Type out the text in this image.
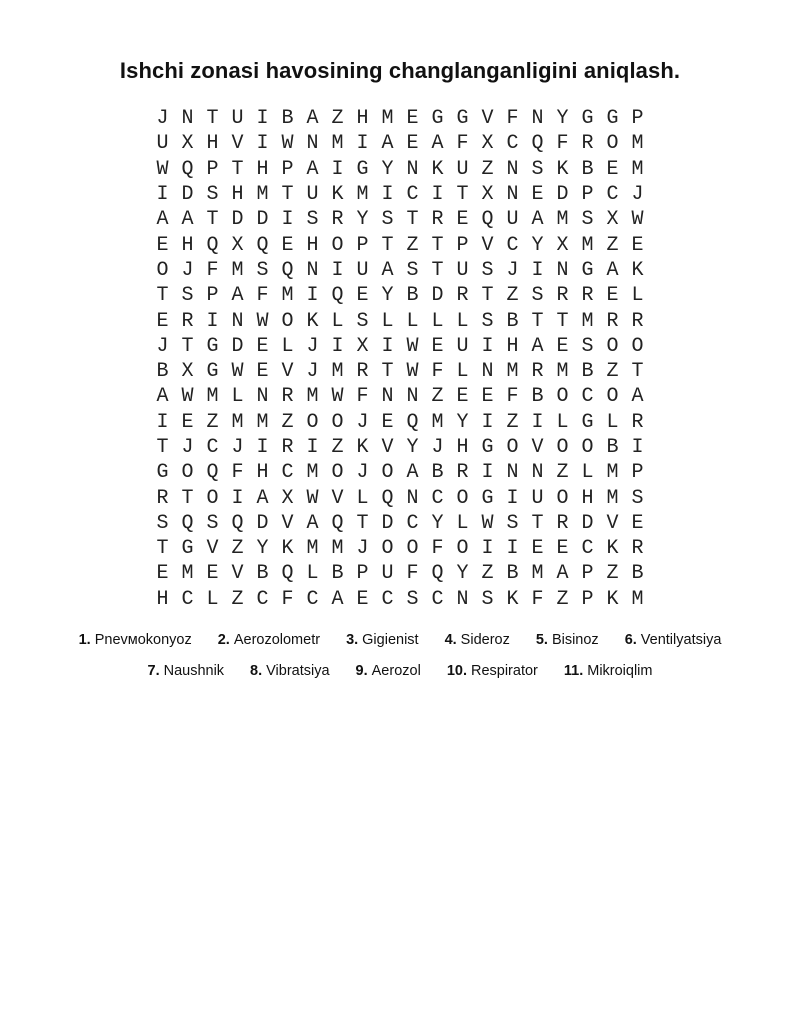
Ishchi zonasi havosining changlanganligini aniqlash.
J N T U I B A Z H M E G G V F N Y G G P
U X H V I W N M I A E A F X C Q F R O M
W Q P T H P A I G Y N K U Z N S K B E M
I D S H M T U K M I C I T X N E D P C J
A A T D D I S R Y S T R E Q U A M S X W
E H Q X Q E H O P T Z T P V C Y X M Z E
O J F M S Q N I U A S T U S J I N G A K
T S P A F M I Q E Y B D R T Z S R R E L
E R I N W O K L S L L L L S B T T M R R
J T G D E L J I X I W E U I H A E S O O
B X G W E V J M R T W F L N M R M B Z T
A W M L N R M W F N N Z E E F B O C O A
I E Z M M Z O O J E Q M Y I Z I L G L R
T J C J I R I Z K V Y J H G O V O O B I
G O Q F H C M O J O A B R I N N Z L M P
R T O I A X W V L Q N C O G I U O H M S
S Q S Q D V A Q T D C Y L W S T R D V E
T G V Z Y K M M J O O F O I I E E C K R
E M E V B Q L B P U F Q Y Z B M A P Z B
H C L Z C F C A E C S C N S K F Z P K M
1. Pnevмokonyoz 2. Aerozolometr 3. Gigienist 4. Sideroz 5. Bisinoz 6. Ventilyatsiya
7. Naushnik 8. Vibratsiya 9. Aerozol 10. Respirator 11. Mikroiqlim
